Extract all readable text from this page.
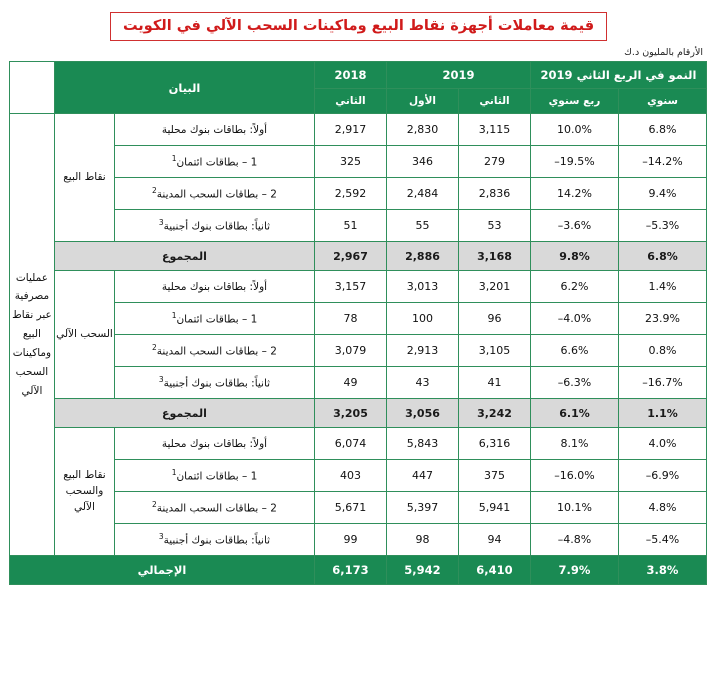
قيمة معاملات أجهزة نقاط البيع وماكينات السحب الآلي في الكويت
الأرقام بالمليون د.ك
النمو في الربع الثاني 2019		2019		2018	البيان		
سنوي	ربع سنوي	الثاني	الأول	الثاني			
6.8%	10.0%	3,115	2,830	2,917	أولاً: بطاقات بنوك محلية	نقاط البيع	عمليات مصرفية عبر نقاط البيع وماكينات السحب الآلي
14.2%–	19.5%–	279	346	325	1 – بطاقات ائتمان$^1$
9.4%	14.2%	2,836	2,484	2,592	2 – بطاقات السحب المدينة$^2$
5.3%–	3.6%–	53	55	51	ثانياً: بطاقات بنوك أجنبية$^3$
6.8%	9.8%	3,168	2,886	2,967	المجموع		
1.4%	6.2%	3,201	3,013	3,157	أولاً: بطاقات بنوك محلية	السحب الآلي	
23.9%	4.0%–	96	100	78	1 – بطاقات ائتمان$^1$
0.8%	6.6%	3,105	2,913	3,079	2 – بطاقات السحب المدينة$^2$
16.7%–	6.3%–	41	43	49	ثانياً: بطاقات بنوك أجنبية$^3$
1.1%	6.1%	3,242	3,056	3,205	المجموع		
4.0%	8.1%	6,316	5,843	6,074	أولاً: بطاقات بنوك محلية	نقاط البيع والسحب الآلي	
6.9%–	16.0%–	375	447	403	1 – بطاقات ائتمان$^1$
4.8%	10.1%	5,941	5,397	5,671	2 – بطاقات السحب المدينة$^2$
5.4%–	4.8%–	94	98	99	ثانياً: بطاقات بنوك أجنبية$^3$
3.8%	7.9%	6,410	5,942	6,173	الإجمالي		
